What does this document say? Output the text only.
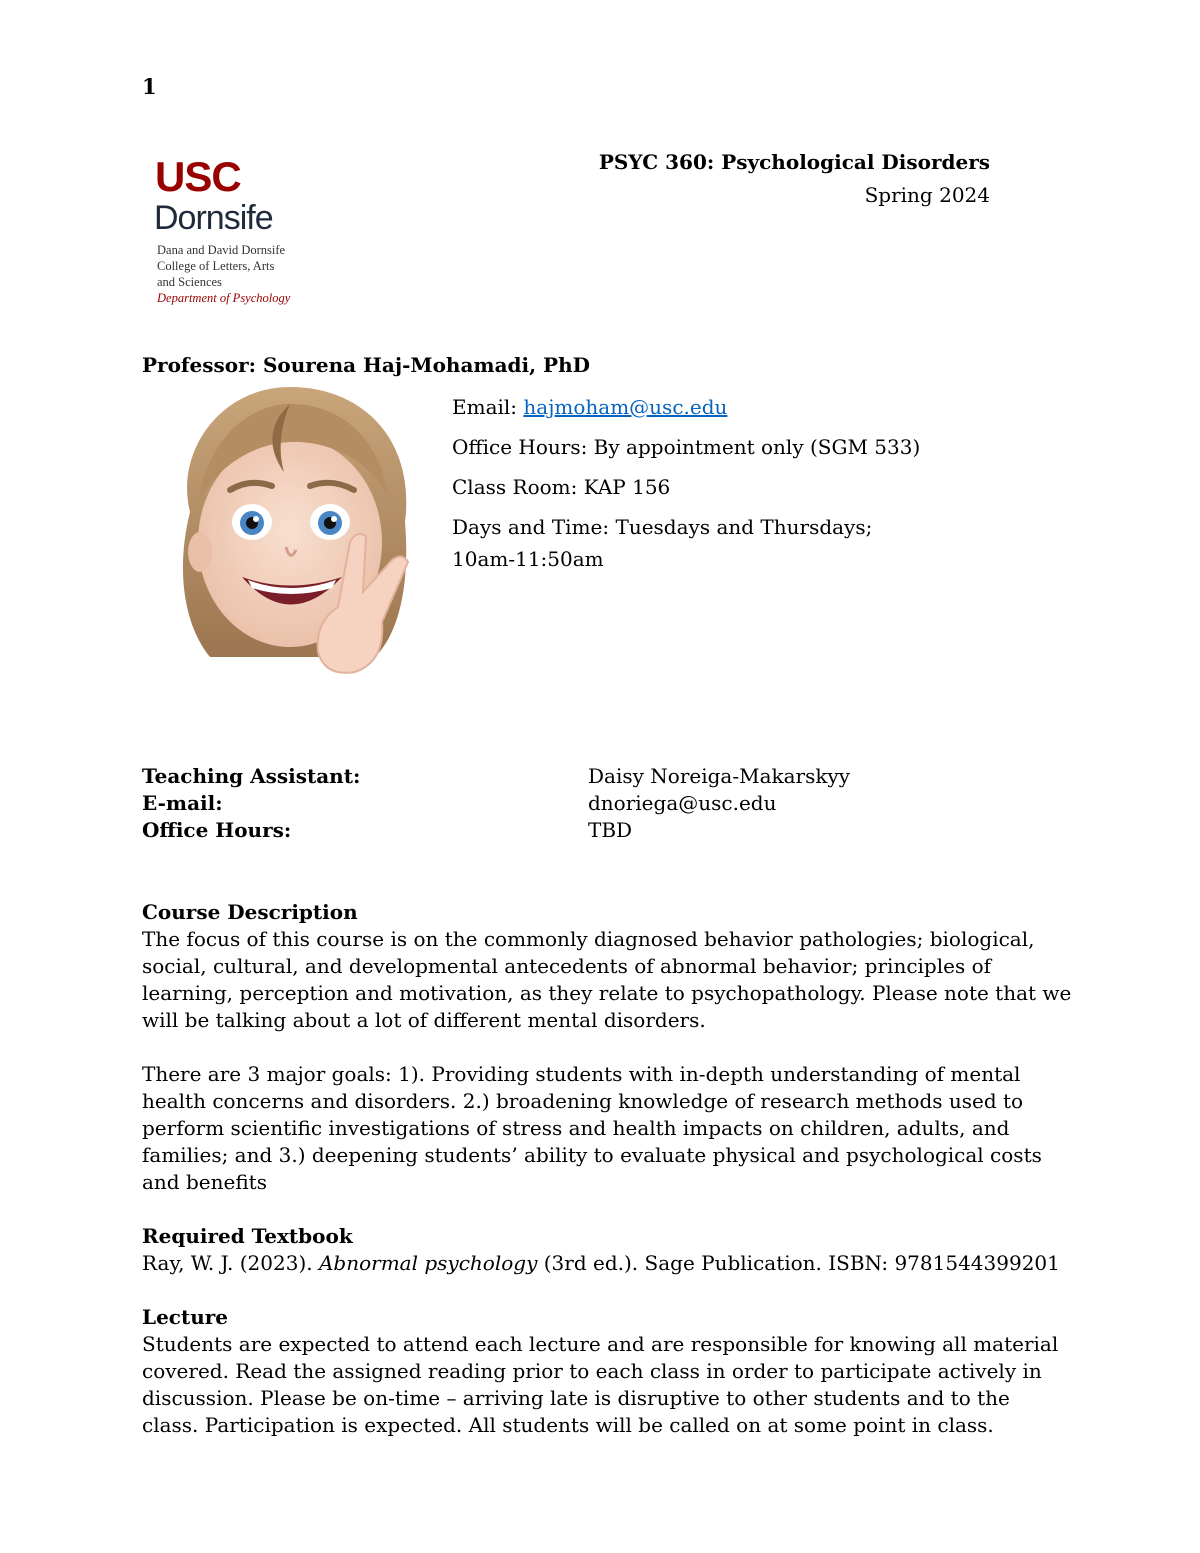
1
USC
Dornsife
Dana and David Dornsife
College of Letters, Arts
and Sciences
Department of Psychology
PSYC 360: Psychological Disorders
Spring 2024
Professor: Sourena Haj-Mohamadi, PhD

Email: hajmoham@usc.edu

Office Hours: By appointment only (SGM 533)

Class Room: KAP 156

Days and Time: Tuesdays and Thursdays; 10am-11:50am

Teaching Assistant:	Daisy Noreiga-Makarskyy
E-mail:	dnoriega@usc.edu
Office Hours:	TBD
Course Description

The focus of this course is on the commonly diagnosed behavior pathologies; biological, social, cultural, and developmental antecedents of abnormal behavior; principles of learning, perception and motivation, as they relate to psychopathology. Please note that we will be talking about a lot of different mental disorders.

There are 3 major goals: 1). Providing students with in-depth understanding of mental health concerns and disorders. 2.) broadening knowledge of research methods used to perform scientific investigations of stress and health impacts on children, adults, and families; and 3.) deepening students’ ability to evaluate physical and psychological costs and benefits

Required Textbook

Ray, W. J. (2023). Abnormal psychology (3rd ed.). Sage Publication. ISBN: 9781544399201

Lecture

Students are expected to attend each lecture and are responsible for knowing all material covered. Read the assigned reading prior to each class in order to participate actively in discussion. Please be on-time – arriving late is disruptive to other students and to the class. Participation is expected. All students will be called on at some point in class.
